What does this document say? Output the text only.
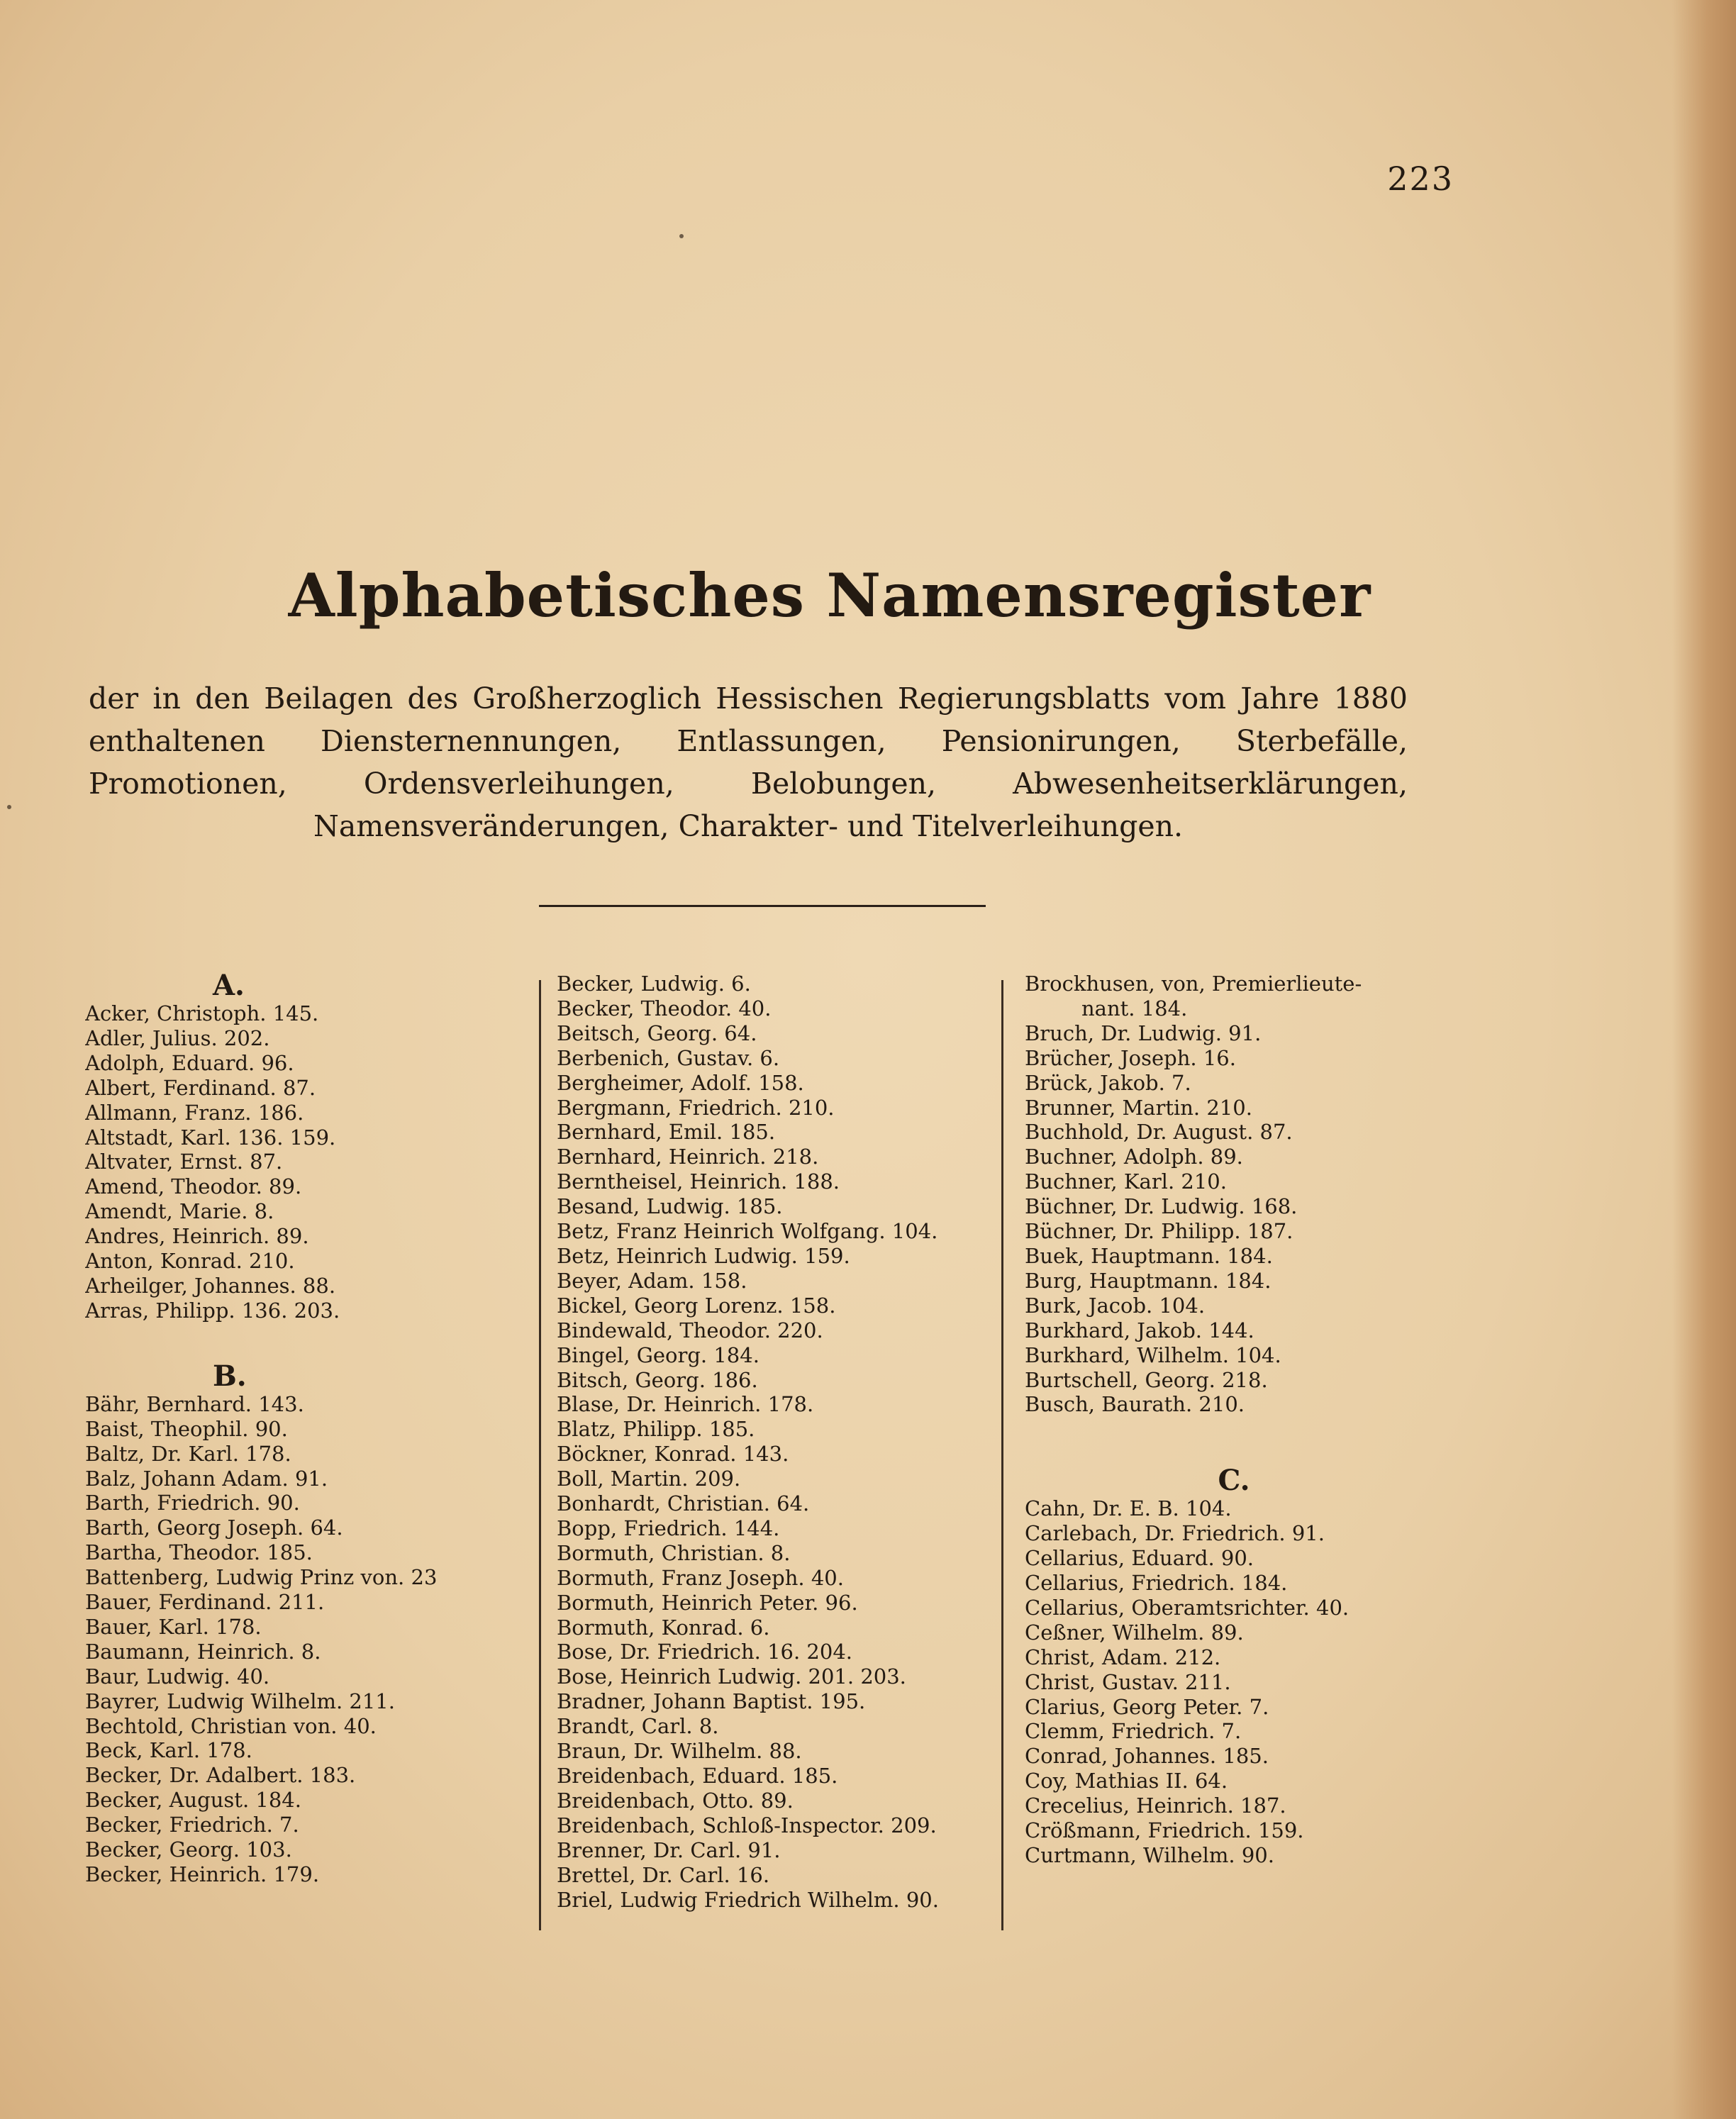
223
Alphabetisches Namensregister
der in den Beilagen des Großherzoglich Hessischen Regierungsblatts vom Jahre 1880 enthaltenen Diensternennungen, Entlassungen, Pensionirungen, Sterbefälle, Promotionen, Ordensverleihungen, Belobungen, Abwesenheitserklärungen, Namensveränderungen, Charakter- und Titelverleihungen.
A.
Acker, Christoph. 145.
Adler, Julius. 202.
Adolph, Eduard. 96.
Albert, Ferdinand. 87.
Allmann, Franz. 186.
Altstadt, Karl. 136. 159.
Altvater, Ernst. 87.
Amend, Theodor. 89.
Amendt, Marie. 8.
Andres, Heinrich. 89.
Anton, Konrad. 210.
Arheilger, Johannes. 88.
Arras, Philipp. 136. 203.
B.
Bähr, Bernhard. 143.
Baist, Theophil. 90.
Baltz, Dr. Karl. 178.
Balz, Johann Adam. 91.
Barth, Friedrich. 90.
Barth, Georg Joseph. 64.
Bartha, Theodor. 185.
Battenberg, Ludwig Prinz von. 23
Bauer, Ferdinand. 211.
Bauer, Karl. 178.
Baumann, Heinrich. 8.
Baur, Ludwig. 40.
Bayrer, Ludwig Wilhelm. 211.
Bechtold, Christian von. 40.
Beck, Karl. 178.
Becker, Dr. Adalbert. 183.
Becker, August. 184.
Becker, Friedrich. 7.
Becker, Georg. 103.
Becker, Heinrich. 179.
Becker, Ludwig. 6.
Becker, Theodor. 40.
Beitsch, Georg. 64.
Berbenich, Gustav. 6.
Bergheimer, Adolf. 158.
Bergmann, Friedrich. 210.
Bernhard, Emil. 185.
Bernhard, Heinrich. 218.
Berntheisel, Heinrich. 188.
Besand, Ludwig. 185.
Betz, Franz Heinrich Wolfgang. 104.
Betz, Heinrich Ludwig. 159.
Beyer, Adam. 158.
Bickel, Georg Lorenz. 158.
Bindewald, Theodor. 220.
Bingel, Georg. 184.
Bitsch, Georg. 186.
Blase, Dr. Heinrich. 178.
Blatz, Philipp. 185.
Böckner, Konrad. 143.
Boll, Martin. 209.
Bonhardt, Christian. 64.
Bopp, Friedrich. 144.
Bormuth, Christian. 8.
Bormuth, Franz Joseph. 40.
Bormuth, Heinrich Peter. 96.
Bormuth, Konrad. 6.
Bose, Dr. Friedrich. 16. 204.
Bose, Heinrich Ludwig. 201. 203.
Bradner, Johann Baptist. 195.
Brandt, Carl. 8.
Braun, Dr. Wilhelm. 88.
Breidenbach, Eduard. 185.
Breidenbach, Otto. 89.
Breidenbach, Schloß-Inspector. 209.
Brenner, Dr. Carl. 91.
Brettel, Dr. Carl. 16.
Briel, Ludwig Friedrich Wilhelm. 90.
Brockhusen, von, Premierlieute-
nant. 184.
Bruch, Dr. Ludwig. 91.
Brücher, Joseph. 16.
Brück, Jakob. 7.
Brunner, Martin. 210.
Buchhold, Dr. August. 87.
Buchner, Adolph. 89.
Buchner, Karl. 210.
Büchner, Dr. Ludwig. 168.
Büchner, Dr. Philipp. 187.
Buek, Hauptmann. 184.
Burg, Hauptmann. 184.
Burk, Jacob. 104.
Burkhard, Jakob. 144.
Burkhard, Wilhelm. 104.
Burtschell, Georg. 218.
Busch, Baurath. 210.
C.
Cahn, Dr. E. B. 104.
Carlebach, Dr. Friedrich. 91.
Cellarius, Eduard. 90.
Cellarius, Friedrich. 184.
Cellarius, Oberamtsrichter. 40.
Ceßner, Wilhelm. 89.
Christ, Adam. 212.
Christ, Gustav. 211.
Clarius, Georg Peter. 7.
Clemm, Friedrich. 7.
Conrad, Johannes. 185.
Coy, Mathias II. 64.
Crecelius, Heinrich. 187.
Crößmann, Friedrich. 159.
Curtmann, Wilhelm. 90.
